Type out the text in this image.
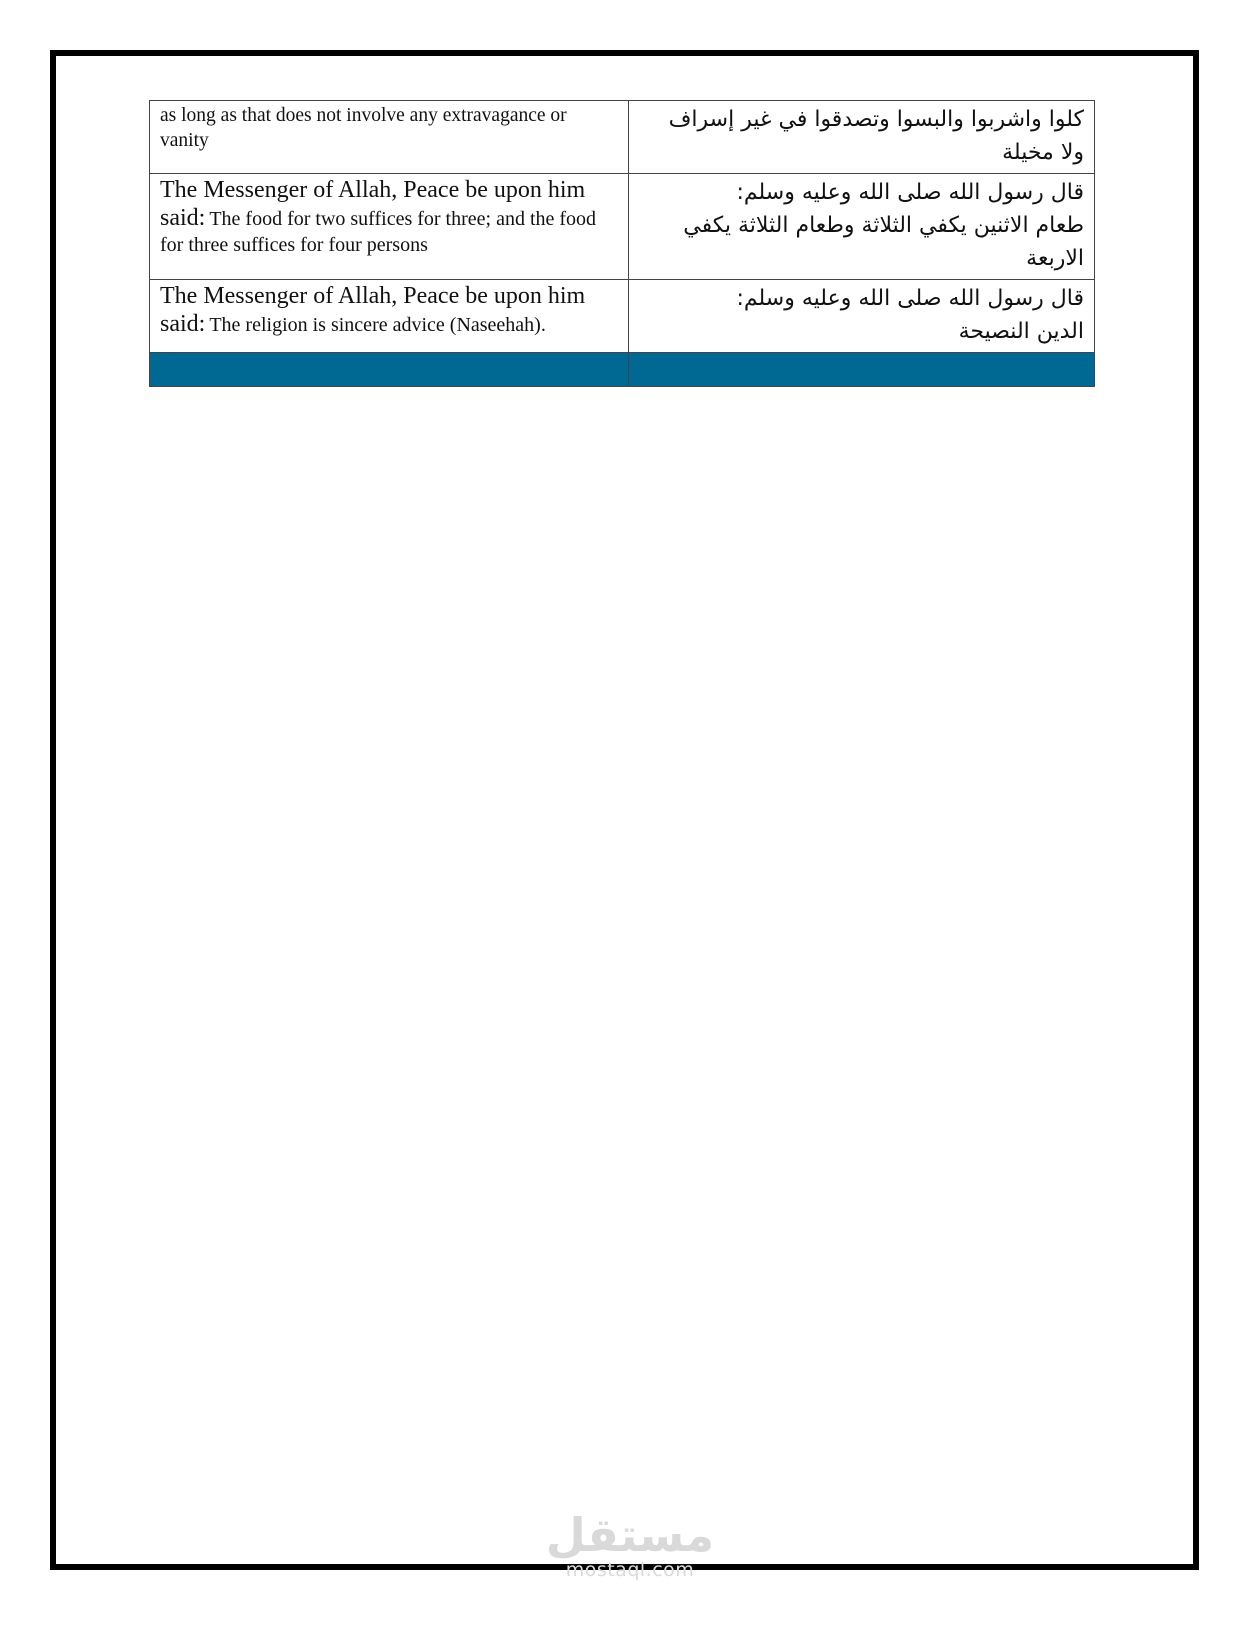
as long as that does not involve any extravagance or vanity	كلوا واشربوا والبسوا وتصدقوا في غير إسراف ولا مخيلة

The Messenger of Allah, Peace be upon him said: The food for two suffices for three; and the food for three suffices for four persons	قال رسول الله صلى الله وعليه وسلم:
طعام الاثنين يكفي الثلاثة وطعام الثلاثة يكفي الاربعة

The Messenger of Allah, Peace be upon him said: The religion is sincere advice (Naseehah).	قال رسول الله صلى الله وعليه وسلم:
الدين النصيحة

مستقل
mostaql.com
